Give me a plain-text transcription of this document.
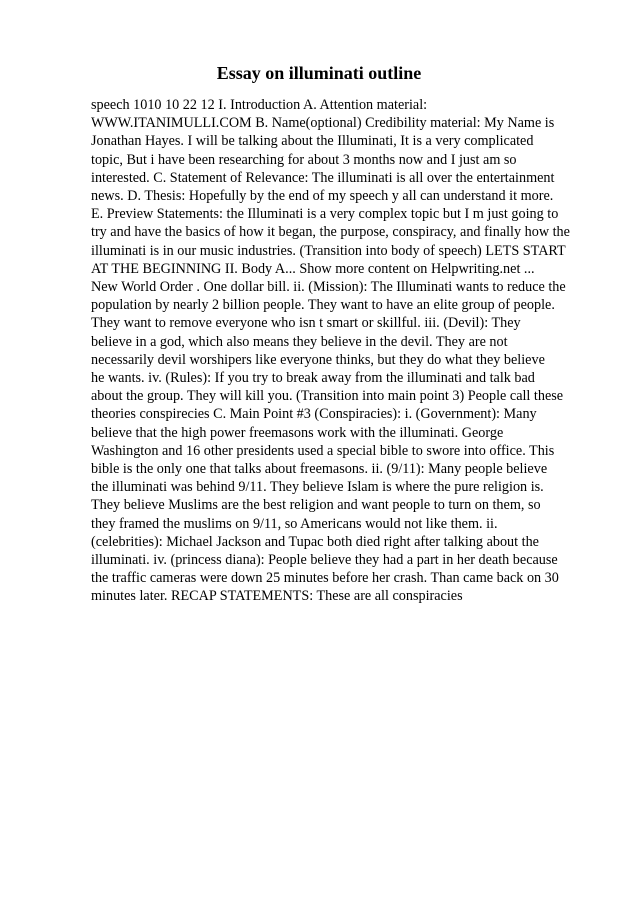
Essay on illuminati outline
speech 1010 10 22 12 I. Introduction A. Attention material:
WWW.ITANIMULLI.COM B. Name(optional) Credibility material: My Name is
Jonathan Hayes. I will be talking about the Illuminati, It is a very complicated
topic, But i have been researching for about 3 months now and I just am so
interested. C. Statement of Relevance: The illuminati is all over the entertainment
news. D. Thesis: Hopefully by the end of my speech y all can understand it more.
E. Preview Statements: the Illuminati is a very complex topic but I m just going to
try and have the basics of how it began, the purpose, conspiracy, and finally how the
illuminati is in our music industries. (Transition into body of speech) LETS START
AT THE BEGINNING II. Body A... Show more content on Helpwriting.net ...
New World Order . One dollar bill. ii. (Mission): The Illuminati wants to reduce the
population by nearly 2 billion people. They want to have an elite group of people.
They want to remove everyone who isn t smart or skillful. iii. (Devil): They
believe in a god, which also means they believe in the devil. They are not
necessarily devil worshipers like everyone thinks, but they do what they believe
he wants. iv. (Rules): If you try to break away from the illuminati and talk bad
about the group. They will kill you. (Transition into main point 3) People call these
theories conspirecies C. Main Point #3 (Conspiracies): i. (Government): Many
believe that the high power freemasons work with the illuminati. George
Washington and 16 other presidents used a special bible to swore into office. This
bible is the only one that talks about freemasons. ii. (9/11): Many people believe
the illuminati was behind 9/11. They believe Islam is where the pure religion is.
They believe Muslims are the best religion and want people to turn on them, so
they framed the muslims on 9/11, so Americans would not like them. ii.
(celebrities): Michael Jackson and Tupac both died right after talking about the
illuminati. iv. (princess diana): People believe they had a part in her death because
the traffic cameras were down 25 minutes before her crash. Than came back on 30
minutes later. RECAP STATEMENTS: These are all conspiracies
